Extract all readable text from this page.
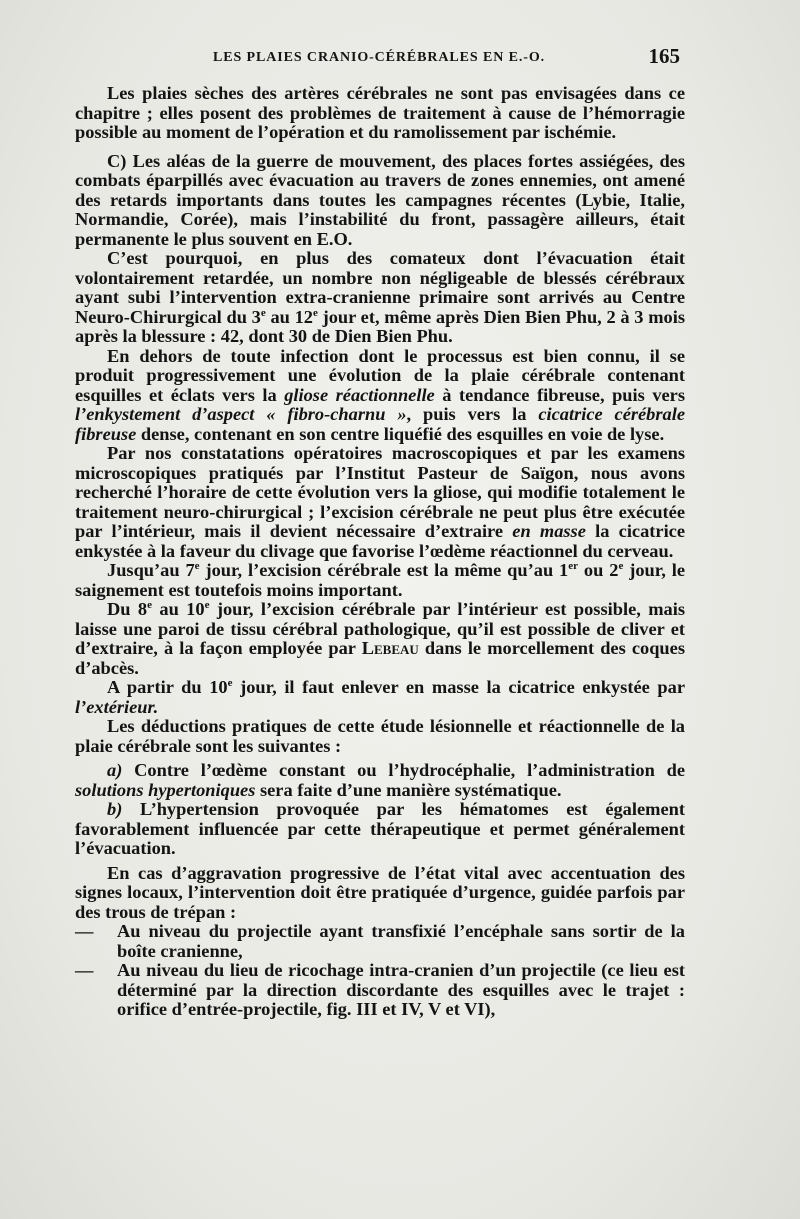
LES PLAIES CRANIO-CÉRÉBRALES EN E.-O.	165

Les plaies sèches des artères cérébrales ne sont pas envisagées dans ce chapitre ; elles posent des problèmes de traitement à cause de l’hémorragie possible au moment de l’opération et du ramolissement par ischémie.

C) Les aléas de la guerre de mouvement, des places fortes assiégées, des combats éparpillés avec évacuation au travers de zones ennemies, ont amené des retards importants dans toutes les campagnes récentes (Lybie, Italie, Normandie, Corée), mais l’instabilité du front, passagère ailleurs, était permanente le plus souvent en E.O.

C’est pourquoi, en plus des comateux dont l’évacuation était volontairement retardée, un nombre non négligeable de blessés cérébraux ayant subi l’intervention extra-cranienne primaire sont arrivés au Centre Neuro-Chirurgical du 3e au 12e jour et, même après Dien Bien Phu, 2 à 3 mois après la blessure : 42, dont 30 de Dien Bien Phu.

En dehors de toute infection dont le processus est bien connu, il se produit progressivement une évolution de la plaie cérébrale contenant esquilles et éclats vers la gliose réactionnelle à tendance fibreuse, puis vers l’enkystement d’aspect « fibro-charnu », puis vers la cicatrice cérébrale fibreuse dense, contenant en son centre liquéfié des esquilles en voie de lyse.

Par nos constatations opératoires macroscopiques et par les examens microscopiques pratiqués par l’Institut Pasteur de Saïgon, nous avons recherché l’horaire de cette évolution vers la gliose, qui modifie totalement le traitement neuro-chirurgical ; l’excision cérébrale ne peut plus être exécutée par l’intérieur, mais il devient nécessaire d’extraire en masse la cicatrice enkystée à la faveur du clivage que favorise l’œdème réactionnel du cerveau.

Jusqu’au 7e jour, l’excision cérébrale est la même qu’au 1er ou 2e jour, le saignement est toutefois moins important.

Du 8e au 10e jour, l’excision cérébrale par l’intérieur est possible, mais laisse une paroi de tissu cérébral pathologique, qu’il est possible de cliver et d’extraire, à la façon employée par Lebeau dans le morcellement des coques d’abcès.

A partir du 10e jour, il faut enlever en masse la cicatrice enkystée par l’extérieur.

Les déductions pratiques de cette étude lésionnelle et réactionnelle de la plaie cérébrale sont les suivantes :

a) Contre l’œdème constant ou l’hydrocéphalie, l’administration de solutions hypertoniques sera faite d’une manière systématique.

b) L’hypertension provoquée par les hématomes est également favorablement influencée par cette thérapeutique et permet généralement l’évacuation.

En cas d’aggravation progressive de l’état vital avec accentuation des signes locaux, l’intervention doit être pratiquée d’urgence, guidée parfois par des trous de trépan :

— Au niveau du projectile ayant transfixié l’encéphale sans sortir de la boîte cranienne,

— Au niveau du lieu de ricochage intra-cranien d’un projectile (ce lieu est déterminé par la direction discordante des esquilles avec le trajet : orifice d’entrée-projectile, fig. III et IV, V et VI),
